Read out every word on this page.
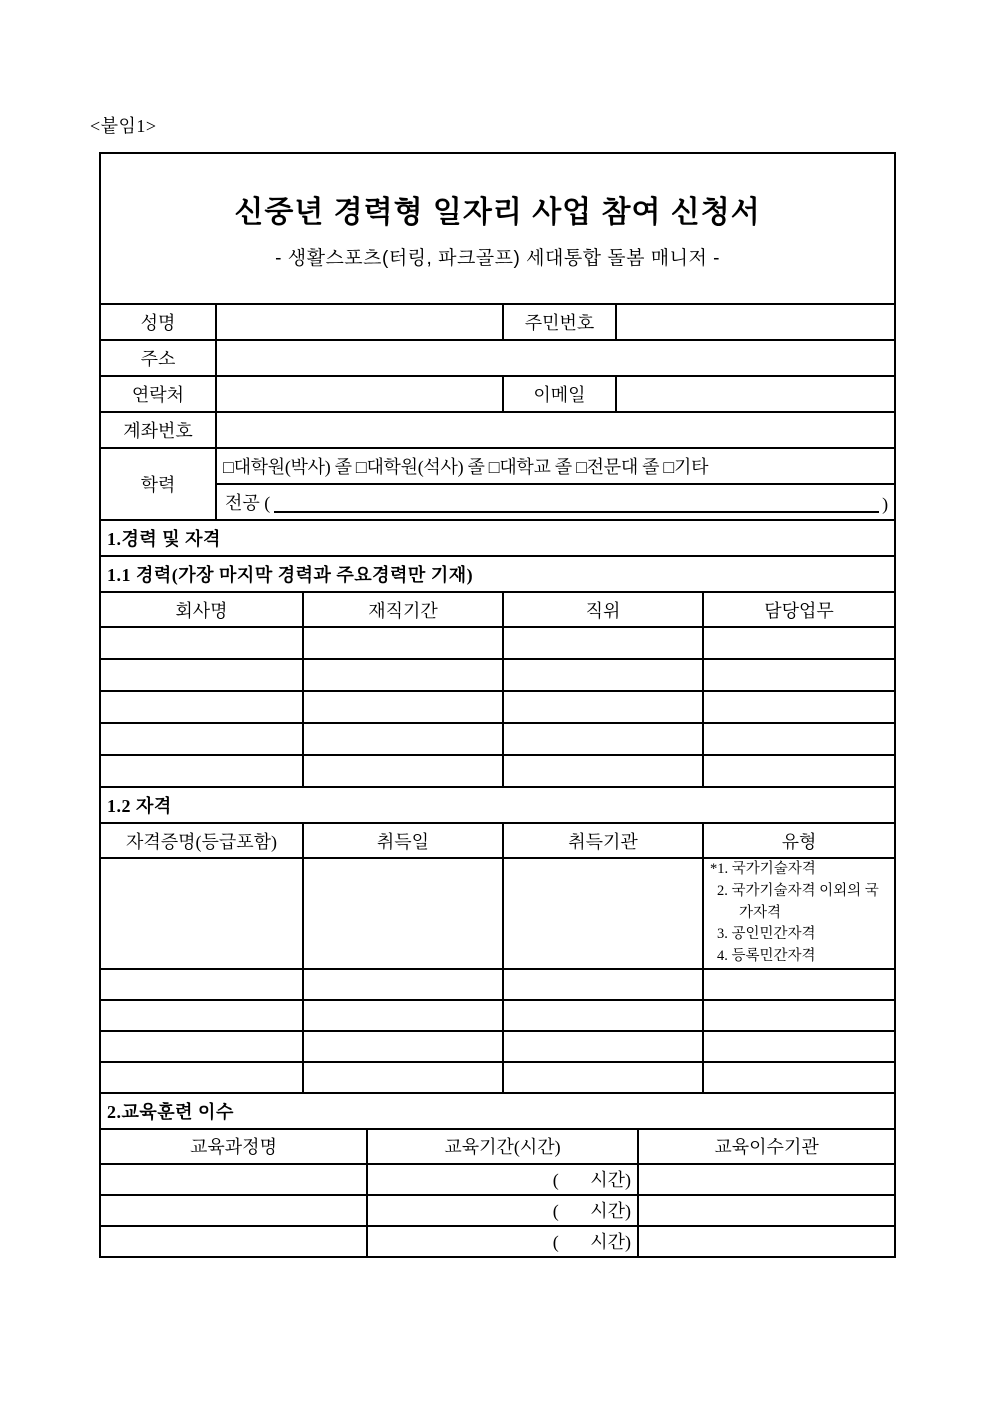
<붙임1>
신중년 경력형 일자리 사업 참여 신청서
- 생활스포츠(터링, 파크골프) 세대통합 돌봄 매니저 -							

성명				주민번호			
주소							
연락처				이메일			
계좌번호							
학력	□대학원(박사) 졸 □대학원(석사) 졸 □대학교 졸 □전문대 졸 □기타						

	전공 ( )						

1.경력 및 자격							
1.1 경력(가장 마지막 경력과 주요경력만 기재)							
회사명		재직기간		직위			담당업무

1.2 자격							
자격증명(등급포함)		취득일		취득기관			유형

							*1. 국가기술자격
2. 국가기술자격 이외의 국가자격
3. 공인민간자격
4. 등록민간자격

2.교육훈련 이수							
교육과정명			교육기간(시간)			교육이수기관	
			(       시간)				
			(       시간)				
			(       시간)				
